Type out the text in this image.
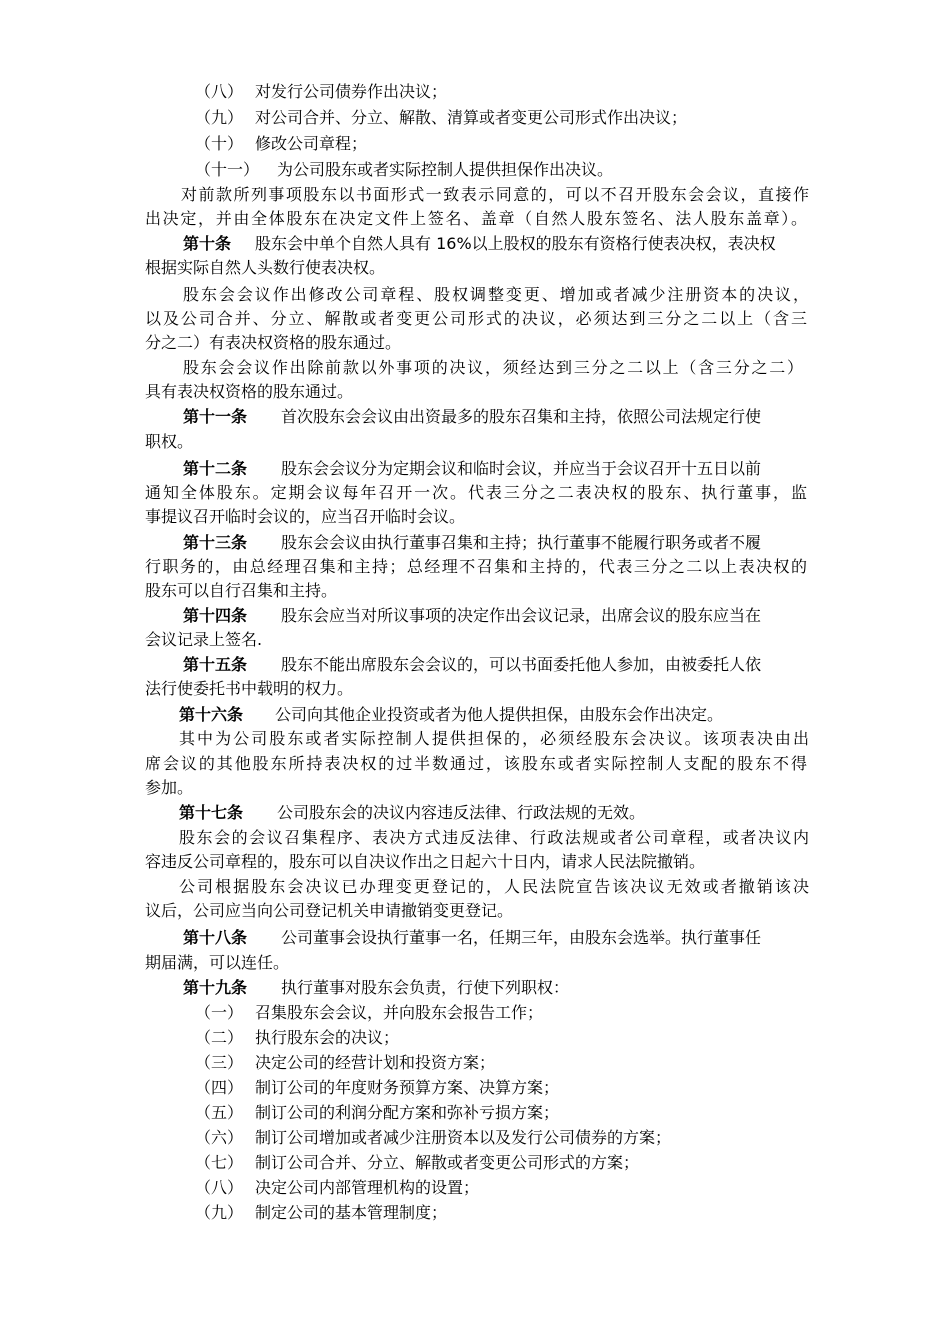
（八） 对发行公司债券作出决议；
（九） 对公司合并、分立、解散、清算或者变更公司形式作出决议；
（十） 修改公司章程；
（十一） 为公司股东或者实际控制人提供担保作出决议。
对前款所列事项股东以书面形式一致表示同意的，可以不召开股东会会议，直接作
出决定，并由全体股东在决定文件上签名、盖章（自然人股东签名、法人股东盖章）。
第十条 股东会中单个自然人具有 16%以上股权的股东有资格行使表决权，表决权
根据实际自然人头数行使表决权。
股东会会议作出修改公司章程、股权调整变更、增加或者减少注册资本的决议，
以及公司合并、分立、解散或者变更公司形式的决议，必须达到三分之二以上（含三
分之二）有表决权资格的股东通过。
股东会会议作出除前款以外事项的决议，须经达到三分之二以上（含三分之二）
具有表决权资格的股东通过。
第十一条 首次股东会会议由出资最多的股东召集和主持，依照公司法规定行使
职权。
第十二条 股东会会议分为定期会议和临时会议，并应当于会议召开十五日以前
通知全体股东。定期会议每年召开一次。代表三分之二表决权的股东、执行董事，监
事提议召开临时会议的，应当召开临时会议。
第十三条 股东会会议由执行董事召集和主持；执行董事不能履行职务或者不履
行职务的，由总经理召集和主持；总经理不召集和主持的，代表三分之二以上表决权的
股东可以自行召集和主持。
第十四条 股东会应当对所议事项的决定作出会议记录，出席会议的股东应当在
会议记录上签名.
第十五条 股东不能出席股东会会议的，可以书面委托他人参加，由被委托人依
法行使委托书中载明的权力。
第十六条 公司向其他企业投资或者为他人提供担保，由股东会作出决定。
其中为公司股东或者实际控制人提供担保的，必须经股东会决议。该项表决由出
席会议的其他股东所持表决权的过半数通过，该股东或者实际控制人支配的股东不得
参加。
第十七条 公司股东会的决议内容违反法律、行政法规的无效。
股东会的会议召集程序、表决方式违反法律、行政法规或者公司章程，或者决议内
容违反公司章程的，股东可以自决议作出之日起六十日内，请求人民法院撤销。
公司根据股东会决议已办理变更登记的，人民法院宣告该决议无效或者撤销该决
议后，公司应当向公司登记机关申请撤销变更登记。
第十八条 公司董事会设执行董事一名，任期三年，由股东会选举。执行董事任
期届满，可以连任。
第十九条 执行董事对股东会负责，行使下列职权：
（一） 召集股东会会议，并向股东会报告工作；
（二） 执行股东会的决议；
（三） 决定公司的经营计划和投资方案；
（四） 制订公司的年度财务预算方案、决算方案；
（五） 制订公司的利润分配方案和弥补亏损方案；
（六） 制订公司增加或者减少注册资本以及发行公司债券的方案；
（七） 制订公司合并、分立、解散或者变更公司形式的方案；
（八） 决定公司内部管理机构的设置；
（九） 制定公司的基本管理制度；
